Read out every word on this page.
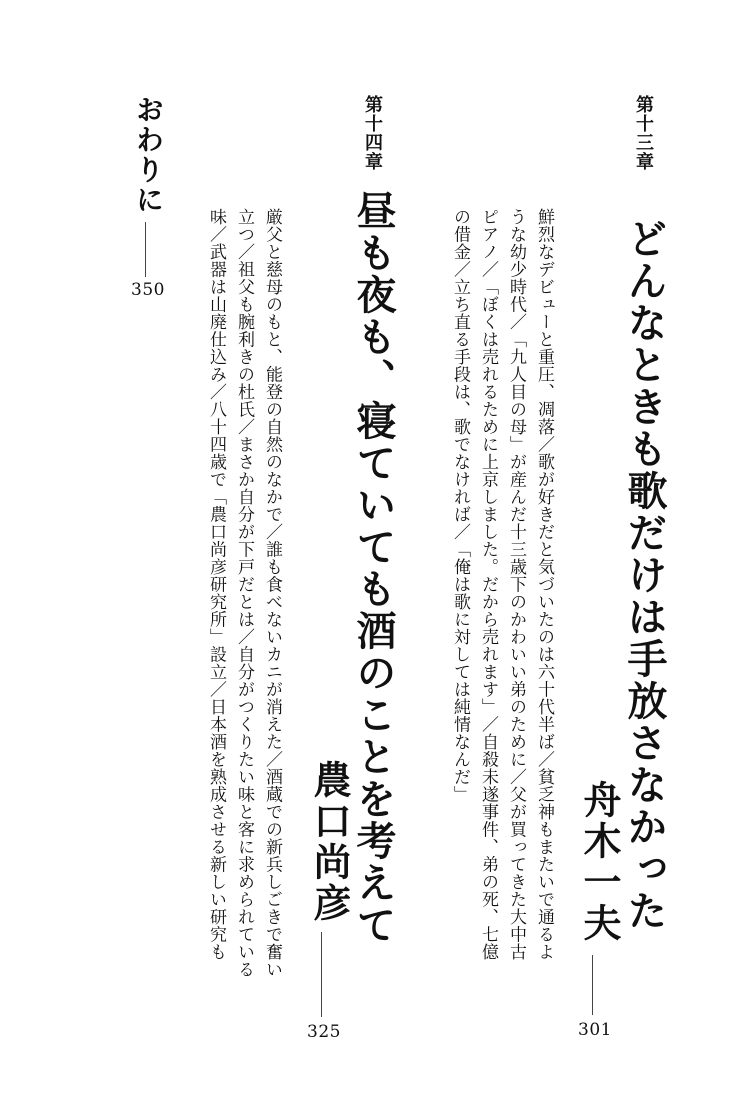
第十三章
どんなときも歌だけは手放さなかった
舟木一夫
301

鮮烈なデビューと重圧、凋落／歌が好きだと気づいたのは六十代半ば／貧乏神もまたいで通るよ

うな幼少時代／「九人目の母」が産んだ十三歳下のかわいい弟のために／父が買ってきた大中古

ピアノ／「ぼくは売れるために上京しました。だから売れます」／自殺未遂事件、弟の死、七億

の借金／立ち直る手段は、歌でなければ／「俺は歌に対しては純情なんだ」

第十四章
昼も夜も、寝ていても酒のことを考えて
農口尚彦
325

厳父と慈母のもと、能登の自然のなかで／誰も食べないカニが消えた／酒蔵での新兵しごきで奮い

立つ／祖父も腕利きの杜氏／まさか自分が下戸だとは／自分がつくりたい味と客に求められている

味／武器は山廃仕込み／八十四歳で「農口尚彦研究所」設立／日本酒を熟成させる新しい研究も

おわりに
350
